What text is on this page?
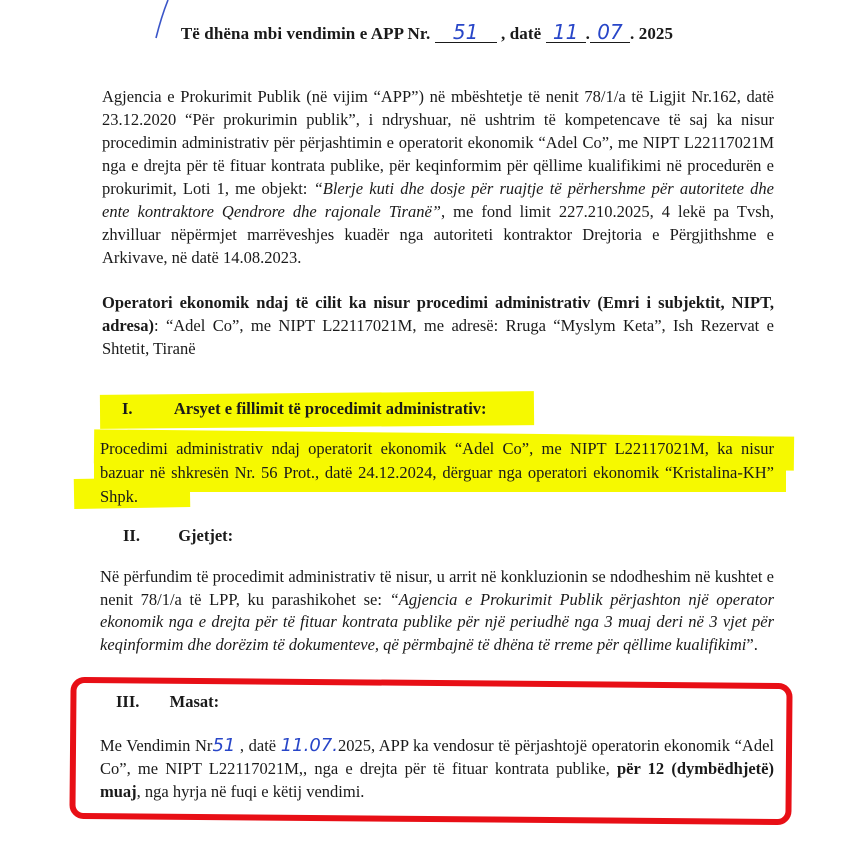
Të dhëna mbi vendimin e APP Nr. 51 , datë 11 . 07 . 2025
Agjencia e Prokurimit Publik (në vijim “APP”) në mbështetje të nenit 78/1/a të Ligjit Nr.162, datë 23.12.2020 “Për prokurimin publik”, i ndryshuar, në ushtrim të kompetencave të saj ka nisur procedimin administrativ për përjashtimin e operatorit ekonomik “Adel Co”, me NIPT L22117021M nga e drejta për të fituar kontrata publike, për keqinformim për qëllime kualifikimi në procedurën e prokurimit, Loti 1, me objekt: “Blerje kuti dhe dosje për ruajtje të përhershme për autoritete dhe ente kontraktore Qendrore dhe rajonale Tiranë”, me fond limit 227.210.2025, 4 lekë pa Tvsh, zhvilluar nëpërmjet marrëveshjes kuadër nga autoriteti kontraktor Drejtoria e Përgjithshme e Arkivave, në datë 14.08.2023.
Operatori ekonomik ndaj të cilit ka nisur procedimi administrativ (Emri i subjektit, NIPT, adresa): “Adel Co”, me NIPT L22117021M, me adresë: Rruga “Myslym Keta”, Ish Rezervat e Shtetit, Tiranë
I.	Arsyet e fillimit të procedimit administrativ:
Procedimi administrativ ndaj operatorit ekonomik “Adel Co”, me NIPT L22117021M, ka nisur bazuar në shkresën Nr. 56 Prot., datë 24.12.2024, dërguar nga operatori ekonomik “Kristalina-KH” Shpk.
II. Gjetjet:
Në përfundim të procedimit administrativ të nisur, u arrit në konkluzionin se ndodheshim në kushtet e nenit 78/1/a të LPP, ku parashikohet se: “Agjencia e Prokurimit Publik përjashton një operator ekonomik nga e drejta për të fituar kontrata publike për një periudhë nga 3 muaj deri në 3 vjet për keqinformim dhe dorëzim të dokumenteve, që përmbajnë të dhëna të rreme për qëllime kualifikimi”.
III. Masat:
Me Vendimin Nr51 , datë 11.07.2025, APP ka vendosur të përjashtojë operatorin ekonomik “Adel Co”, me NIPT L22117021M,, nga e drejta për të fituar kontrata publike, për 12 (dymbëdhjetë) muaj, nga hyrja në fuqi e këtij vendimi.
